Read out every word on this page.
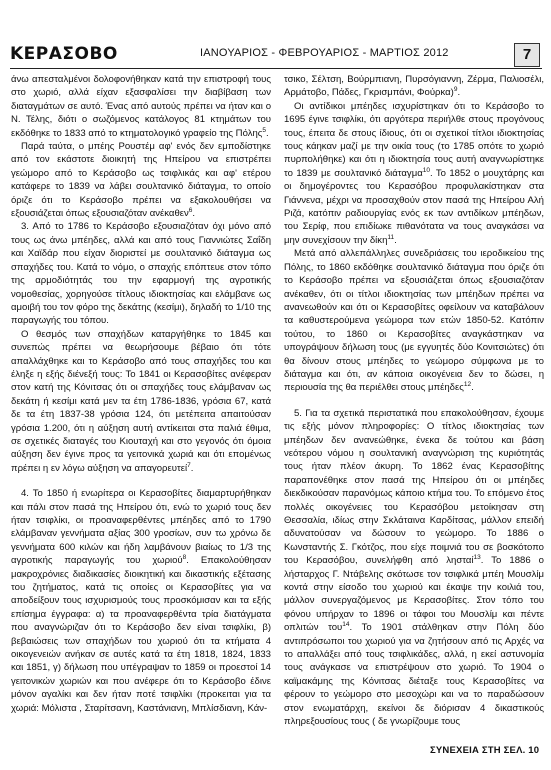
ΚΕΡΑΣΟΒΟ	ΙΑΝΟΥΑΡΙΟΣ - ΦΕΒΡΟΥΑΡΙΟΣ - ΜΑΡΤΙΟΣ 2012	7

άνω απεσταλμένοι δολοφονήθηκαν κατά την επιστροφή τους στο χωριό, αλλά είχαν εξασφαλίσει την διαβίβαση των διαταγμάτων σε αυτό. Ένας από αυτούς πρέπει να ήταν και ο Ν. Τέλης, διότι ο σωζόμενος κατάλογος 81 κτημάτων του εκδόθηκε το 1833 από το κτηματολογικό γραφείο της Πόλης$^5$.

Παρά ταύτα, ο μπέης Ρουστέμ αφ' ενός δεν εμποδίστηκε από τον εκάστοτε διοικητή της Ηπείρου να επιστρέπει γεώμορο από το Κεράσοβο ως τσιφλικάς και αφ' ετέρου κατάφερε το 1839 να λάβει σουλτανικό διάταγμα, το οποίο όριζε ότι το Κεράσοβο πρέπει να εξακολουθήσει να εξουσιάζεται όπως εξουσιαζόταν ανέκαθεν$^6$.

3. Από το 1786 το Κεράσοβο εξουσιαζόταν όχι μόνο από τους ως άνω μπέηδες, αλλά και από τους Γιαννιώτες Σαΐδη και Χαϊδάρ που είχαν διοριστεί με σουλτανικό διάταγμα ως σπαχήδες του. Κατά το νόμο, ο σπαχής επόπτευε στον τόπο της αρμοδιότητάς του την εφαρμογή της αγροτικής νομοθεσίας, χορηγούσε τίτλους ιδιοκτησίας και ελάμβανε ως αμοιβή του τον φόρο της δεκάτης (κεσίμι), δηλαδή το 1/10 της παραγωγής του τόπου.

Ο θεσμός των σπαχήδων καταργήθηκε το 1845 και συνεπώς πρέπει να θεωρήσουμε βέβαιο ότι τότε απαλλάχθηκε και το Κεράσοβο από τους σπαχήδες του και έληξε η εξής διένεξή τους: Το 1841 οι Κερασοβίτες ανέφεραν στον κατή της Κόνιτσας ότι οι σπαχήδες τους ελάμβαναν ως δεκάτη ή κεσίμι κατά μεν τα έτη 1786-1836, γρόσια 67, κατά δε τα έτη 1837-38 γρόσια 124, ότι μετέπειτα απαιτούσαν γρόσια 1.200, ότι η αύξηση αυτή αντίκειται στα παλιά έθιμα, σε σχετικές διαταγές του Κιουταχή και στο γεγονός ότι όμοια αύξηση δεν έγινε προς τα γειτονικά χωριά και ότι επομένως πρέπει η εν λόγω αύξηση να απαγορευτεί$^7$.

4. Το 1850 ή ενωρίτερα οι Κερασοβίτες διαμαρτυρήθηκαν και πάλι στον πασά της Ηπείρου ότι, ενώ το χωριό τους δεν ήταν τσιφλίκι, οι προαναφερθέντες μπέηδες από το 1790 ελάμβαναν γεννήματα αξίας 300 γροσίων, συν τω χρόνω δε γεννήματα 600 κιλών και ήδη λαμβάνουν βιαίως το 1/3 της αγροτικής παραγωγής του χωριού$^8$. Επακολούθησαν μακροχρόνιες διαδικασίες διοικητική και δικαστικής εξέτασης του ζητήματος, κατά τις οποίες οι Κερασοβίτες για να αποδείξουν τους ισχυρισμούς τους προσκόμισαν και τα εξής επίσημα έγγραφα: α) τα προαναφερθέντα τρία διατάγματα που αναγνώριζαν ότι το Κεράσοβο δεν είναι τσιφλίκι, β) βεβαιώσεις των σπαχήδων του χωριού ότι τα κτήματα 4 οικογενειών ανήκαν σε αυτές κατά τα έτη 1818, 1824, 1833 και 1851, γ) δήλωση που υπέγραψαν το 1859 οι προεστοί 14 γειτονικών χωριών και που ανέφερε ότι το Κεράσοβο έδινε μόνον αγαλίκι και δεν ήταν ποτέ τσιφλίκι (προκειται για τα χωριά: Μόλιστα , Σταρίτσανη, Καστάνιανη, Μπλίσδιανη, Κάν-

τσικο, Σέλτση, Βούρμπιανη, Πυρσόγιαννη, Ζέρμα, Παλιοσέλι, Αρμάτοβο, Πάδες, Γκρισμπάνι, Φούρκα)$^9$.

Οι αντίδικοι μπέηδες ισχυρίστηκαν ότι το Κεράσοβο το 1695 έγινε τσιφλίκι, ότι αργότερα περιήλθε στους προγόνους τους, έπειτα δε στους ίδιους, ότι οι σχετικοί τίτλοι ιδιοκτησίας τους κάηκαν μαζί με την οικία τους (το 1785 οπότε το χωριό πυρπολήθηκε) και ότι η ιδιοκτησία τους αυτή αναγνωρίστηκε το 1839 με σουλτανικό διάταγμα$^{10}$. Το 1852 ο μουχτάρης και οι δημογέροντες του Κερασόβου προφυλακίστηκαν στα Γιάννενα, μέχρι να προσαχθούν στον πασά της Ηπείρου Αλή Ριζά, κατόπιν ραδιουργίας ενός εκ των αντιδίκων μπέηδων, του Σερίφ, που επιδίωκε πιθανότατα να τους αναγκάσει να μην συνεχίσουν την δίκη$^{11}$.

Μετά από αλλεπάλληλες συνεδριάσεις του ιεροδικείου της Πόλης, το 1860 εκδόθηκε σουλτανικό διάταγμα που όριζε ότι το Κεράσοβο πρέπει να εξουσιάζεται όπως εξουσιαζόταν ανέκαθεν, ότι οι τίτλοι ιδιοκτησίας των μπέηδων πρέπει να ανανεωθούν και ότι οι Κερασοβίτες οφείλουν να καταβάλουν τα καθυστερούμενα γεώμορα των ετών 1850-52. Κατόπιν τούτου, το 1860 οι Κερασοβίτες αναγκάστηκαν να υπογράψουν δήλωση τους (με εγγυητές δύο Κονιτσιώτες) ότι θα δίνουν στους μπέηδες το γεώμορο σύμφωνα με το διάταγμα και ότι, αν κάποια οικογένεια δεν το δώσει, η περιουσία της θα περιέλθει στους μπέηδες$^{12}$.

5. Για τα σχετικά περιστατικά που επακολούθησαν, έχουμε τις εξής μόνον πληροφορίες: Ο τίτλος ιδιοκτησίας των μπέηδων δεν ανανεώθηκε, ένεκα δε τούτου και βάση νεότερου νόμου η σουλτανική αναγνώριση της κυριότητάς τους ήταν πλέον άκυρη. Το 1862 ένας Κερασοβίτης παραπονέθηκε στον πασά της Ηπείρου ότι οι μπέηδες διεκδικούσαν παρανόμως κάποιο κτήμα του. Το επόμενο έτος πολλές οικογένειες του Κερασόβου μετοίκησαν στη Θεσσαλία, ιδίως στην Σκλάταινα Καρδίτσας, μάλλον επειδή αδυνατούσαν να δώσουν το γεώμορο. Το 1886 ο Κωνσταντής Σ. Γκότζος, που είχε ποιμνιά του σε βοσκότοπο του Κερασόβου, συνελήφθη από λησταί$^{13}$. Το 1886 ο λήσταρχος Γ. Ντάβελης σκότωσε τον τσιφλικά μπέη Μουσλίμ κοντά στην είσοδο του χωριού και έκαψε την κοιλιά του, μάλλον συνεργαζόμενος με Κερασοβίτες. Στον τόπο του φόνου υπήρχαν το 1896 οι τάφοι του Μουσλίμ και πέντε οπλιτών του$^{14}$. Το 1901 στάλθηκαν στην Πόλη δύο αντιπρόσωποι του χωριού για να ζητήσουν από τις Αρχές να το απαλλάξει από τους τσιφλικάδες, αλλά, η εκεί αστυνομία τους ανάγκασε να επιστρέψουν στο χωριό. Το 1904 ο καϊμακάμης της Κόνιτσας διέταξε τους Κερασοβίτες να φέρουν το γεώμορο στο μεσοχώρι και να το παραδώσουν στον ενωματάρχη, εκείνοι δε διόρισαν 4 δικαστικούς πληρεξουσίους τους ( δε γνωρίζουμε τους

ΣΥΝΕΧΕΙΑ ΣΤΗ ΣΕΛ. 10
